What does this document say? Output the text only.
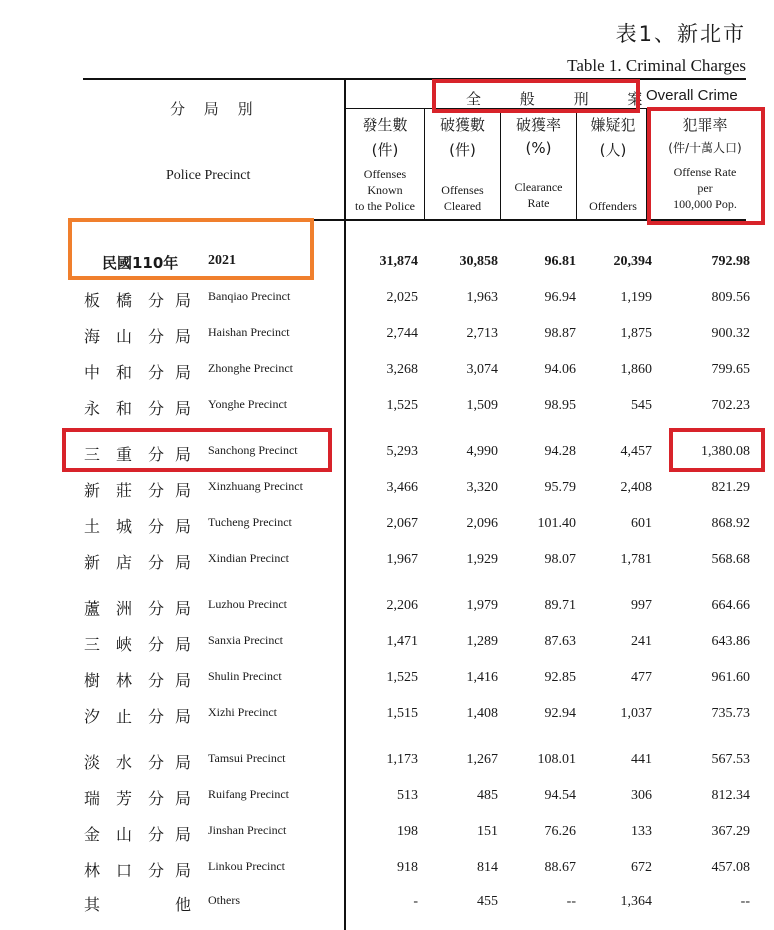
表1、新北市
Table 1. Criminal Charges
分 局 別
Police Precinct
全	般	刑	案 Overall Crime
發生數
(件)
Offenses
Known
to the Police
破獲數
(件)
Offenses
Cleared
破獲率
(%)
Clearance
Rate
嫌疑犯
(人)
Offenders
犯罪率
(件/十萬人口)
Offense Rate
per
100,000 Pop.
民國110年 2021	31,874	30,858	96.81	20,394	792.98
板 橋 分 局 Banqiao Precinct	2,025	1,963	96.94	1,199	809.56
海 山 分 局 Haishan Precinct	2,744	2,713	98.87	1,875	900.32
中 和 分 局 Zhonghe Precinct	3,268	3,074	94.06	1,860	799.65
永 和 分 局 Yonghe Precinct	1,525	1,509	98.95	545	702.23
三 重 分 局 Sanchong Precinct	5,293	4,990	94.28	4,457	1,380.08
新 莊 分 局 Xinzhuang Precinct	3,466	3,320	95.79	2,408	821.29
土 城 分 局 Tucheng Precinct	2,067	2,096	101.40	601	868.92
新 店 分 局 Xindian Precinct	1,967	1,929	98.07	1,781	568.68
蘆 洲 分 局 Luzhou Precinct	2,206	1,979	89.71	997	664.66
三 峽 分 局 Sanxia Precinct	1,471	1,289	87.63	241	643.86
樹 林 分 局 Shulin Precinct	1,525	1,416	92.85	477	961.60
汐 止 分 局 Xizhi Precinct	1,515	1,408	92.94	1,037	735.73
淡 水 分 局 Tamsui Precinct	1,173	1,267	108.01	441	567.53
瑞 芳 分 局 Ruifang Precinct	513	485	94.54	306	812.34
金 山 分 局 Jinshan Precinct	198	151	76.26	133	367.29
林 口 分 局 Linkou Precinct	918	814	88.67	672	457.08
其	他 Others	-	455	--	1,364	--
